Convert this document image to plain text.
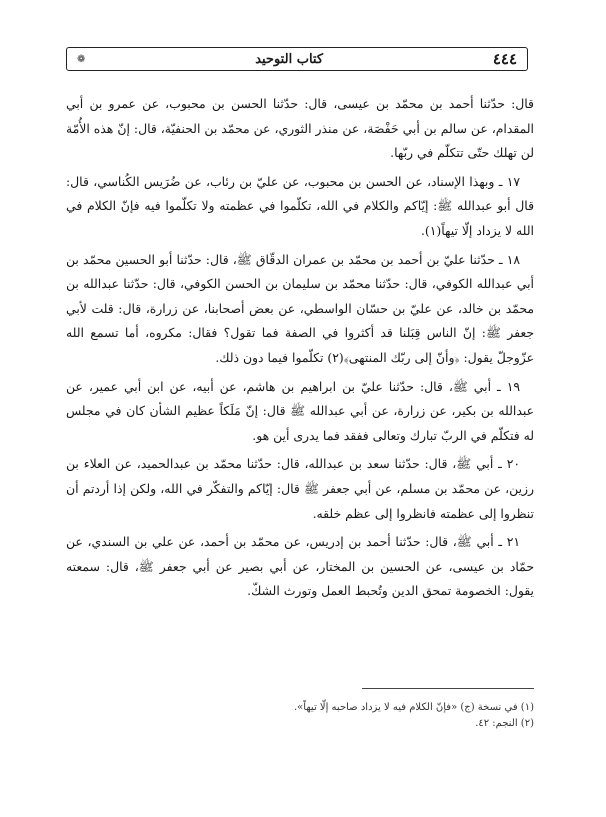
٤٤٤
كتاب التوحيد
❁

قال: حدّثنا أحمد بن محمّد بن عيسى، قال: حدّثنا الحسن بن محبوب، عن عمرو بن أبي المقدام، عن سالم بن أبي حَفْصَة، عن منذر الثوري، عن محمّد بن الحنفيّة، قال: إنّ هذه الأُمّة لن تهلك حتّى تتكلّم في ربّها.

١٧ ـ وبهذا الإسناد، عن الحسن بن محبوب، عن عليّ بن رئاب، عن ضُرَيس الكُناسي، قال: قال أبو عبدالله ﷺ: إيّاكم والكلام في الله، تكلّموا في عظمته ولا تكلّموا فيه فإنّ الكلام في الله لا يزداد إلّا تيهاً(١).

١٨ ـ حدّثنا عليّ بن أحمد بن محمّد بن عمران الدقّاق ﷺ، قال: حدّثنا أبو الحسين محمّد بن أبي عبدالله الكوفي، قال: حدّثنا محمّد بن سليمان بن الحسن الكوفي، قال: حدّثنا عبدالله بن محمّد بن خالد، عن عليّ بن حسّان الواسطي، عن بعض أصحابنا، عن زرارة، قال: قلت لأبي جعفر ﷺ: إنّ الناس قِبَلنا قد أكثروا في الصفة فما تقول؟ فقال: مكروه، أما تسمع الله عزّوجلّ يقول: ﴿وأنّ إلى ربّك المنتهى﴾(٢) تكلّموا فيما دون ذلك.

١٩ ـ أبي ﷺ، قال: حدّثنا عليّ بن ابراهيم بن هاشم، عن أبيه، عن ابن أبي عمير، عن عبدالله بن بكير، عن زرارة، عن أبي عبدالله ﷺ قال: إنّ مَلَكاً عظيم الشأن كان في مجلس له فتكلّم في الربّ تبارك وتعالى ففقد فما يدرى أين هو.

٢٠ ـ أبي ﷺ، قال: حدّثنا سعد بن عبدالله، قال: حدّثنا محمّد بن عبدالحميد، عن العلاء بن رزين، عن محمّد بن مسلم، عن أبي جعفر ﷺ قال: إيّاكم والتفكّر في الله، ولكن إذا أردتم أن تنظروا إلى عظمته فانظروا إلى عظم خلقه.

٢١ ـ أبي ﷺ، قال: حدّثنا أحمد بن إدريس، عن محمّد بن أحمد، عن علي بن السندي، عن حمّاد بن عيسى، عن الحسين بن المختار، عن أبي بصير عن أبي جعفر ﷺ، قال: سمعته يقول: الخصومة تمحق الدين وتُحبط العمل وتورث الشكّ.

(١) في نسخة (ج) «فإنّ الكلام فيه لا يزداد صاحبه إلّا تيهاً».
(٢) النجم: ٤٢.
